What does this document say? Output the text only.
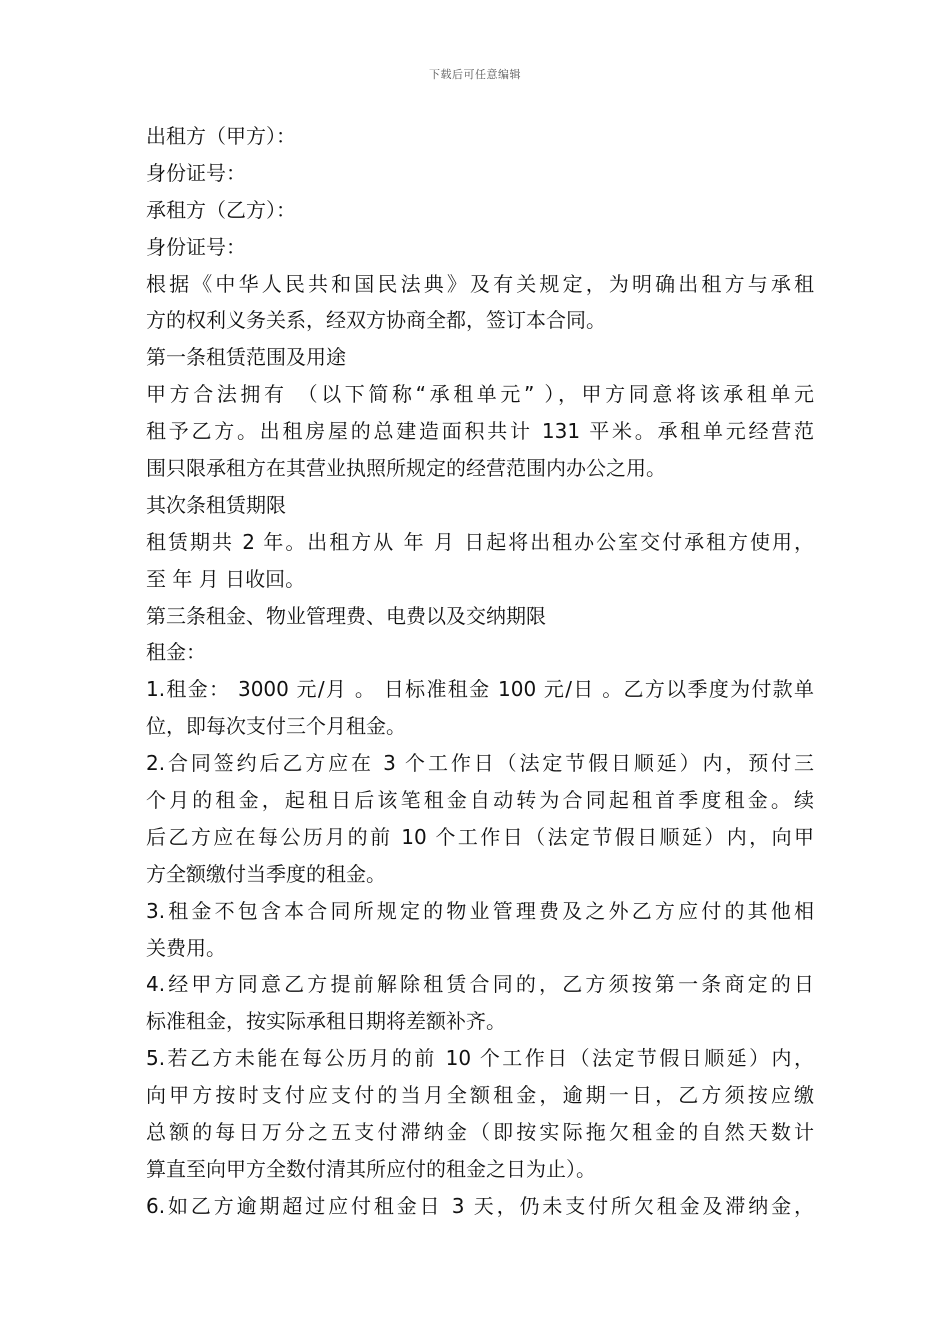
下载后可任意编辑
出租方（甲方）：
身份证号：
承租方（乙方）：
身份证号：
根据《中华人民共和国民法典》及有关规定，为明确出租方与承租
方的权利义务关系，经双方协商全都，签订本合同。
第一条租赁范围及用途
甲方合法拥有 （以下简称“承租单元” ），甲方同意将该承租单元
租予乙方。出租房屋的总建造面积共计 131 平米。承租单元经营范
围只限承租方在其营业执照所规定的经营范围内办公之用。
其次条租赁期限
租赁期共 2 年。出租方从 年 月 日起将出租办公室交付承租方使用，
至 年 月 日收回。
第三条租金、物业管理费、电费以及交纳期限
租金：
1.租金： 3000 元/月 。 日标准租金 100 元/日 。乙方以季度为付款单
位，即每次支付三个月租金。
2.合同签约后乙方应在 3 个工作日（法定节假日顺延）内，预付三
个月的租金，起租日后该笔租金自动转为合同起租首季度租金。续
后乙方应在每公历月的前 10 个工作日（法定节假日顺延）内，向甲
方全额缴付当季度的租金。
3.租金不包含本合同所规定的物业管理费及之外乙方应付的其他相
关费用。
4.经甲方同意乙方提前解除租赁合同的，乙方须按第一条商定的日
标准租金，按实际承租日期将差额补齐。
5.若乙方未能在每公历月的前 10 个工作日（法定节假日顺延）内，
向甲方按时支付应支付的当月全额租金，逾期一日，乙方须按应缴
总额的每日万分之五支付滞纳金（即按实际拖欠租金的自然天数计
算直至向甲方全数付清其所应付的租金之日为止）。
6.如乙方逾期超过应付租金日 3 天，仍未支付所欠租金及滞纳金，
